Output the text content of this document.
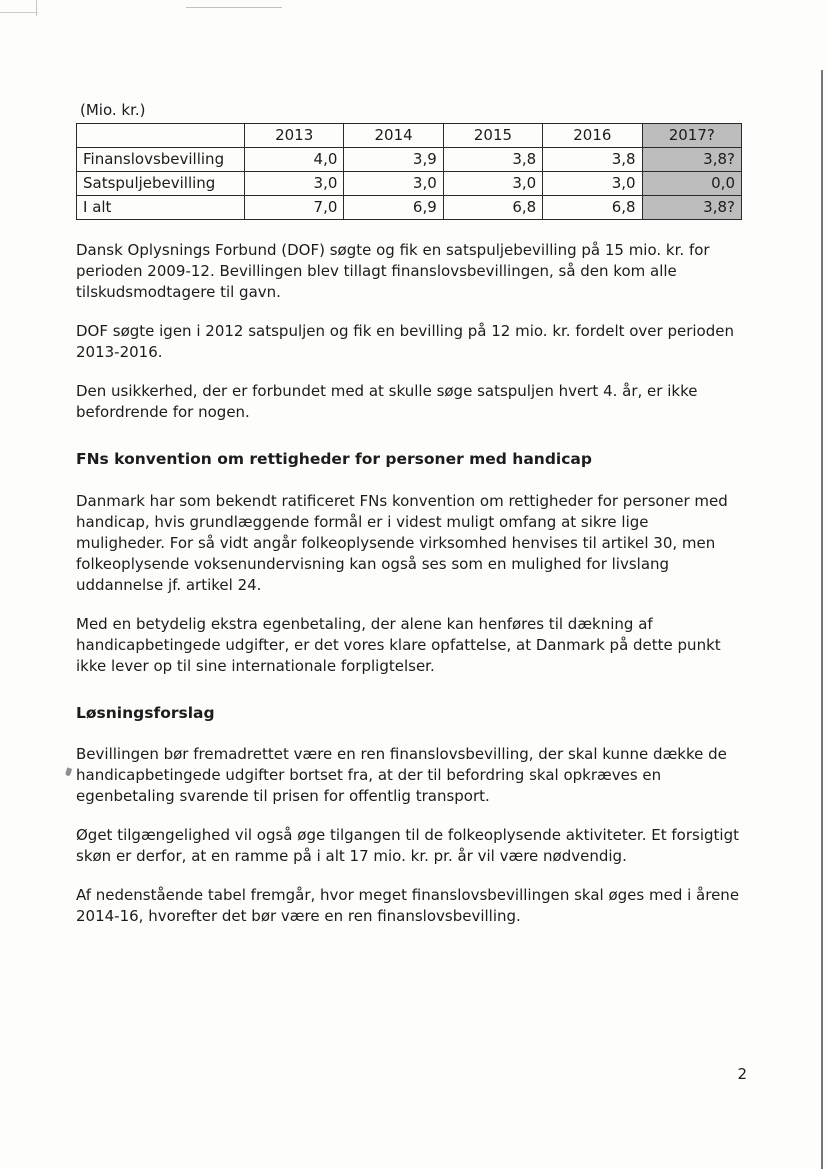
(Mio. kr.)
	2013	2014	2015	2016	2017?
Finanslovsbevilling	4,0	3,9	3,8	3,8	3,8?
Satspuljebevilling	3,0	3,0	3,0	3,0	0,0
I alt	7,0	6,9	6,8	6,8	3,8?

Dansk Oplysnings Forbund (DOF) søgte og fik en satspuljebevilling på 15 mio. kr. for perioden 2009-12. Bevillingen blev tillagt finanslovsbevillingen, så den kom alle tilskudsmodtagere til gavn.

DOF søgte igen i 2012 satspuljen og fik en bevilling på 12 mio. kr. fordelt over perioden 2013-2016.

Den usikkerhed, der er forbundet med at skulle søge satspuljen hvert 4. år, er ikke befordrende for nogen.

FNs konvention om rettigheder for personer med handicap

Danmark har som bekendt ratificeret FNs konvention om rettigheder for personer med handicap, hvis grundlæggende formål er i videst muligt omfang at sikre lige muligheder. For så vidt angår folkeoplysende virksomhed henvises til artikel 30, men folkeoplysende voksenundervisning kan også ses som en mulighed for livslang uddannelse jf. artikel 24.

Med en betydelig ekstra egenbetaling, der alene kan henføres til dækning af handicapbetingede udgifter, er det vores klare opfattelse, at Danmark på dette punkt ikke lever op til sine internationale forpligtelser.

Løsningsforslag

Bevillingen bør fremadrettet være en ren finanslovsbevilling, der skal kunne dække de handicapbetingede udgifter bortset fra, at der til befordring skal opkræves en egenbetaling svarende til prisen for offentlig transport.

Øget tilgængelighed vil også øge tilgangen til de folkeoplysende aktiviteter. Et forsigtigt skøn er derfor, at en ramme på i alt 17 mio. kr. pr. år vil være nødvendig.

Af nedenstående tabel fremgår, hvor meget finanslovsbevillingen skal øges med i årene 2014-16, hvorefter det bør være en ren finanslovsbevilling.

2
